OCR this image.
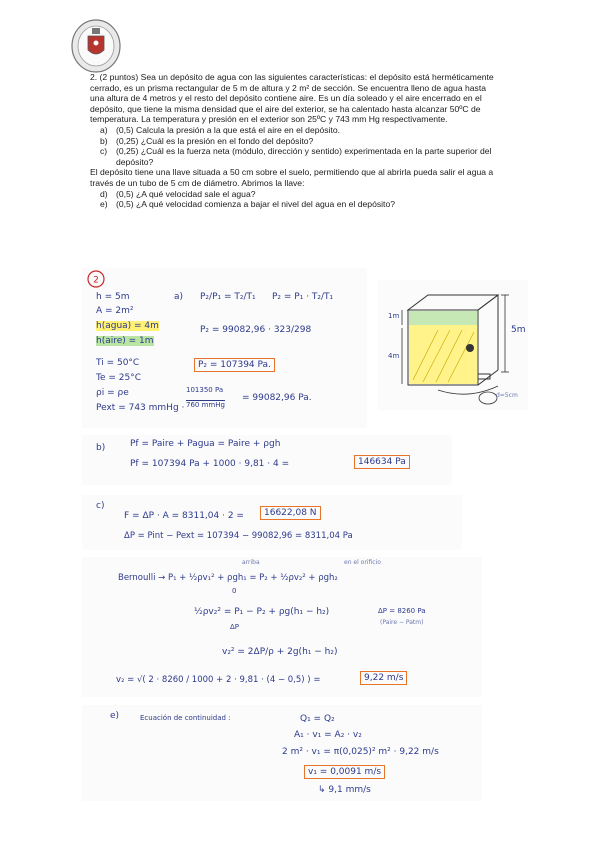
2. (2 puntos) Sea un depósito de agua con las siguientes características: el depósito está herméticamente cerrado, es un prisma rectangular de 5 m de altura y 2 m² de sección. Se encuentra lleno de agua hasta una altura de 4 metros y el resto del depósito contiene aire. Es un día soleado y el aire encerrado en el depósito, que tiene la misma densidad que el aire del exterior, se ha calentado hasta alcanzar 50ºC de temperatura. La temperatura y presión en el exterior son 25ºC y 743 mm Hg respectivamente.

a) (0,5) Calcula la presión a la que está el aire en el depósito.
b) (0,25) ¿Cuál es la presión en el fondo del depósito?
c)	(0,25) ¿Cuál es la fuerza neta (módulo, dirección y sentido) experimentada en la parte superior del depósito?

El depósito tiene una llave situada a 50 cm sobre el suelo, permitiendo que al abrirla pueda salir el agua a través de un tubo de 5 cm de diámetro. Abrimos la llave:

d) (0,5) ¿A qué velocidad sale el agua?
e) (0,5) ¿A qué velocidad comienza a bajar el nivel del agua en el depósito?
2
h = 5m
A = 2m²
h(agua) = 4m
h(aire) = 1m
Ti = 50°C
Te = 25°C
ρi = ρe
Pext = 743 mmHg ·
a) P₂/P₁ = T₂/T₁ P₂ = P₁ · T₂/T₁
P₂ = 99082,96 · 323/298
P₂ = 107394 Pa.
101350 Pa
760 mmHg
= 99082,96 Pa.
1m
4m
5m
d=5cm
b)	Pf = Paire + Pagua = Paire + ρgh
Pf = 107394 Pa + 1000 · 9,81 · 4 =	146634 Pa
c)
F = ΔP · A = 8311,04 · 2 =	16622,08 N
ΔP = Pint − Pext = 107394 − 99082,96 = 8311,04 Pa
arriba	en el orificio
Bernoulli → P₁ + ½ρv₁² + ρgh₁ = P₂ + ½ρv₂² + ρgh₂
0
½ρv₂² = P₁ − P₂ + ρg(h₁ − h₂)
ΔP
ΔP = 8260 Pa
(Paire − Patm)
v₂² = 2ΔP/ρ + 2g(h₁ − h₂)
v₂ = √( 2 · 8260 / 1000 + 2 · 9,81 · (4 − 0,5) ) =	9,22 m/s
e)	Ecuación de continuidad :	Q₁ = Q₂
A₁ · v₁ = A₂ · v₂
2 m² · v₁ = π(0,025)² m² · 9,22 m/s
v₁ = 0,0091 m/s
↳ 9,1 mm/s
